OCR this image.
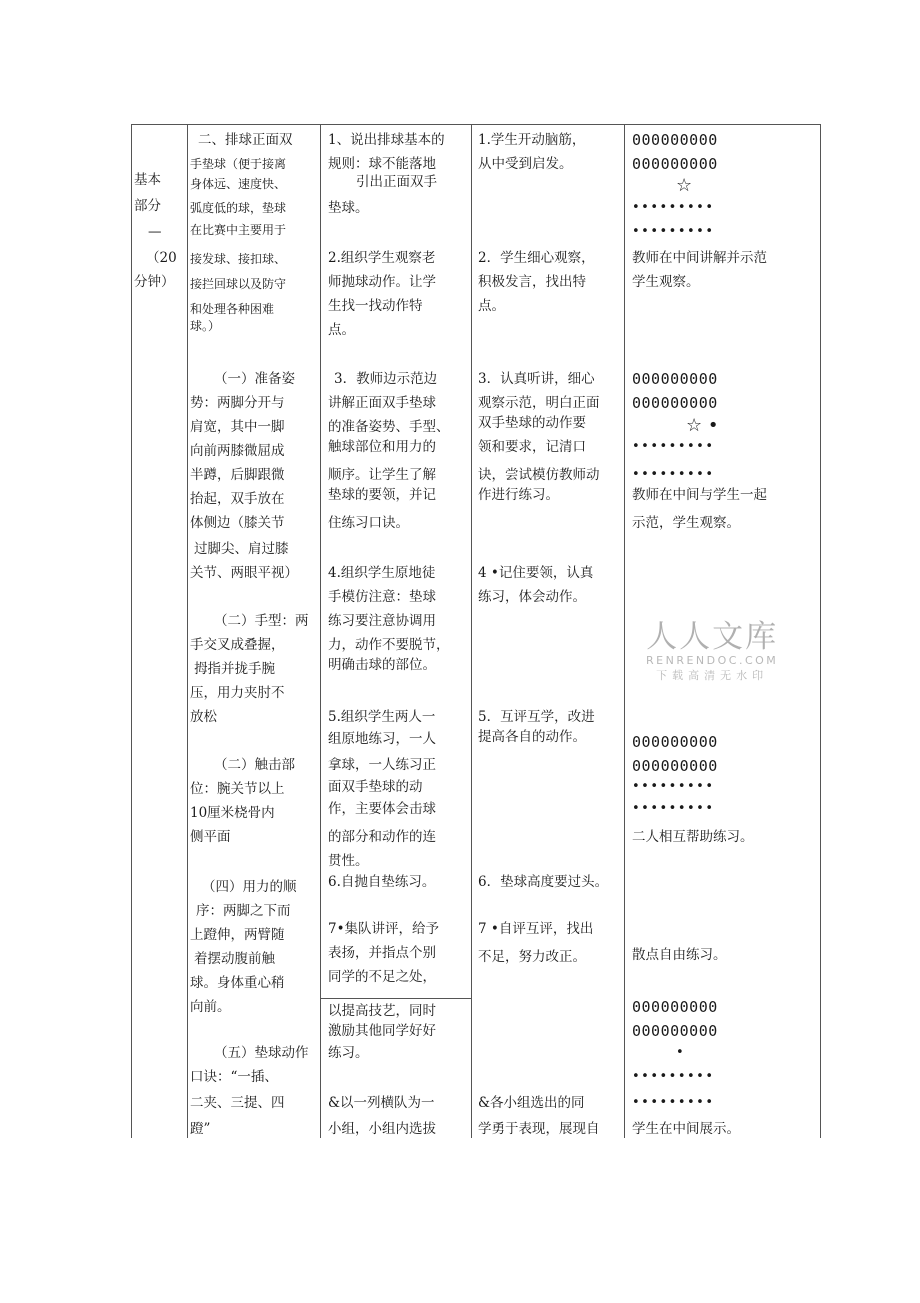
基本
部分
—
（20
分钟）
二、排球正面双
手垫球（便于接离
身体远、速度快、
弧度低的球，垫球
在比赛中主要用于
接发球、接扣球、
接拦回球以及防守
和处理各种困难
球。）
（一）准备姿
势：两脚分开与
肩宽，其中一脚
向前两膝微屈成
半蹲，后脚跟微
抬起，双手放在
体侧边（膝关节
过脚尖、肩过膝
关节、两眼平视）
（二）手型：两
手交叉成叠握，
拇指并拢手腕
压，用力夹肘不
放松
（二）触击部
位：腕关节以上
10厘米桡骨内
侧平面
（四）用力的顺
序：两脚之下而
上蹬伸，两臂随
着摆动腹前触
球。身体重心稍
向前。
（五）垫球动作
口诀：“一插、
二夹、三提、四
蹬”
1、说出排球基本的
规则：球不能落地
引出正面双手
垫球。
2.组织学生观察老
师抛球动作。让学
生找一找动作特
点。
3．教师边示范边
讲解正面双手垫球
的准备姿势、手型、
触球部位和用力的
顺序。让学生了解
垫球的要领，并记
住练习口诀。
4.组织学生原地徒
手模仿注意：垫球
练习要注意协调用
力，动作不要脱节，
明确击球的部位。
5.组织学生两人一
组原地练习，一人
拿球，一人练习正
面双手垫球的动
作，主要体会击球
的部分和动作的连
贯性。
6.自抛自垫练习。
7•集队讲评，给予
表扬，并指点个别
同学的不足之处，
以提高技艺，同时
激励其他同学好好
练习。
&以一列横队为一
小组，小组内选拔
1.学生开动脑筋，
从中受到启发。
2．学生细心观察，
积极发言，找出特
点。
3．认真听讲，细心
观察示范，明白正面
双手垫球的动作要
领和要求，记清口
诀，尝试模仿教师动
作进行练习。
4 •记住要领，认真
练习，体会动作。
5．互评互学，改进
提高各自的动作。
6．垫球高度要过头。
7 •自评互评，找出
不足，努力改正。
&各小组选出的同
学勇于表现，展现自
000000000
000000000
☆
•••••••••
•••••••••
教师在中间讲解并示范
学生观察。
000000000
000000000
☆ •
•••••••••
•••••••••
教师在中间与学生一起
示范，学生观察。
000000000
000000000
•••••••••
•••••••••
二人相互帮助练习。
散点自由练习。
000000000
000000000
•
•••••••••
•••••••••
学生在中间展示。
人人文库
RENRENDOC.COM
下载高清无水印
